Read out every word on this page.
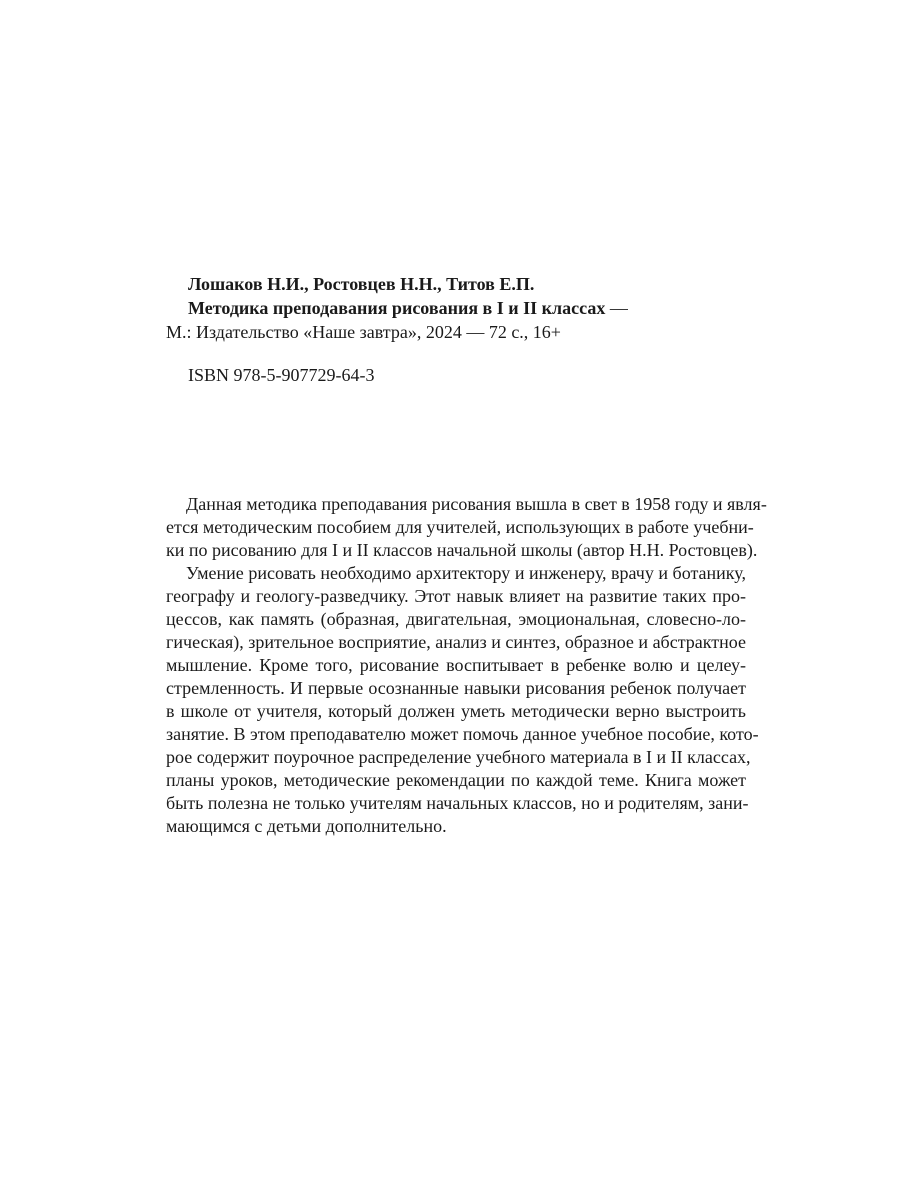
Лошаков Н.И., Ростовцев Н.Н., Титов Е.П.
Методика преподавания рисования в I и II классах —
М.: Издательство «Наше завтра», 2024 — 72 с., 16+
ISBN 978-5-907729-64-3
Данная методика преподавания рисования вышла в свет в 1958 году и явля-
ется методическим пособием для учителей, использующих в работе учебни-
ки по рисованию для I и II классов начальной школы (автор Н.Н. Ростовцев).
Умение рисовать необходимо архитектору и инженеру, врачу и ботанику,
географу и геологу-разведчику. Этот навык влияет на развитие таких про-
цессов, как память (образная, двигательная, эмоциональная, словесно-ло-
гическая), зрительное восприятие, анализ и синтез, образное и абстрактное
мышление. Кроме того, рисование воспитывает в ребенке волю и целеу-
стремленность. И первые осознанные навыки рисования ребенок получает
в школе от учителя, который должен уметь методически верно выстроить
занятие. В этом преподавателю может помочь данное учебное пособие, кото-
рое содержит поурочное распределение учебного материала в I и II классах,
планы уроков, методические рекомендации по каждой теме. Книга может
быть полезна не только учителям начальных классов, но и родителям, зани-
мающимся с детьми дополнительно.
